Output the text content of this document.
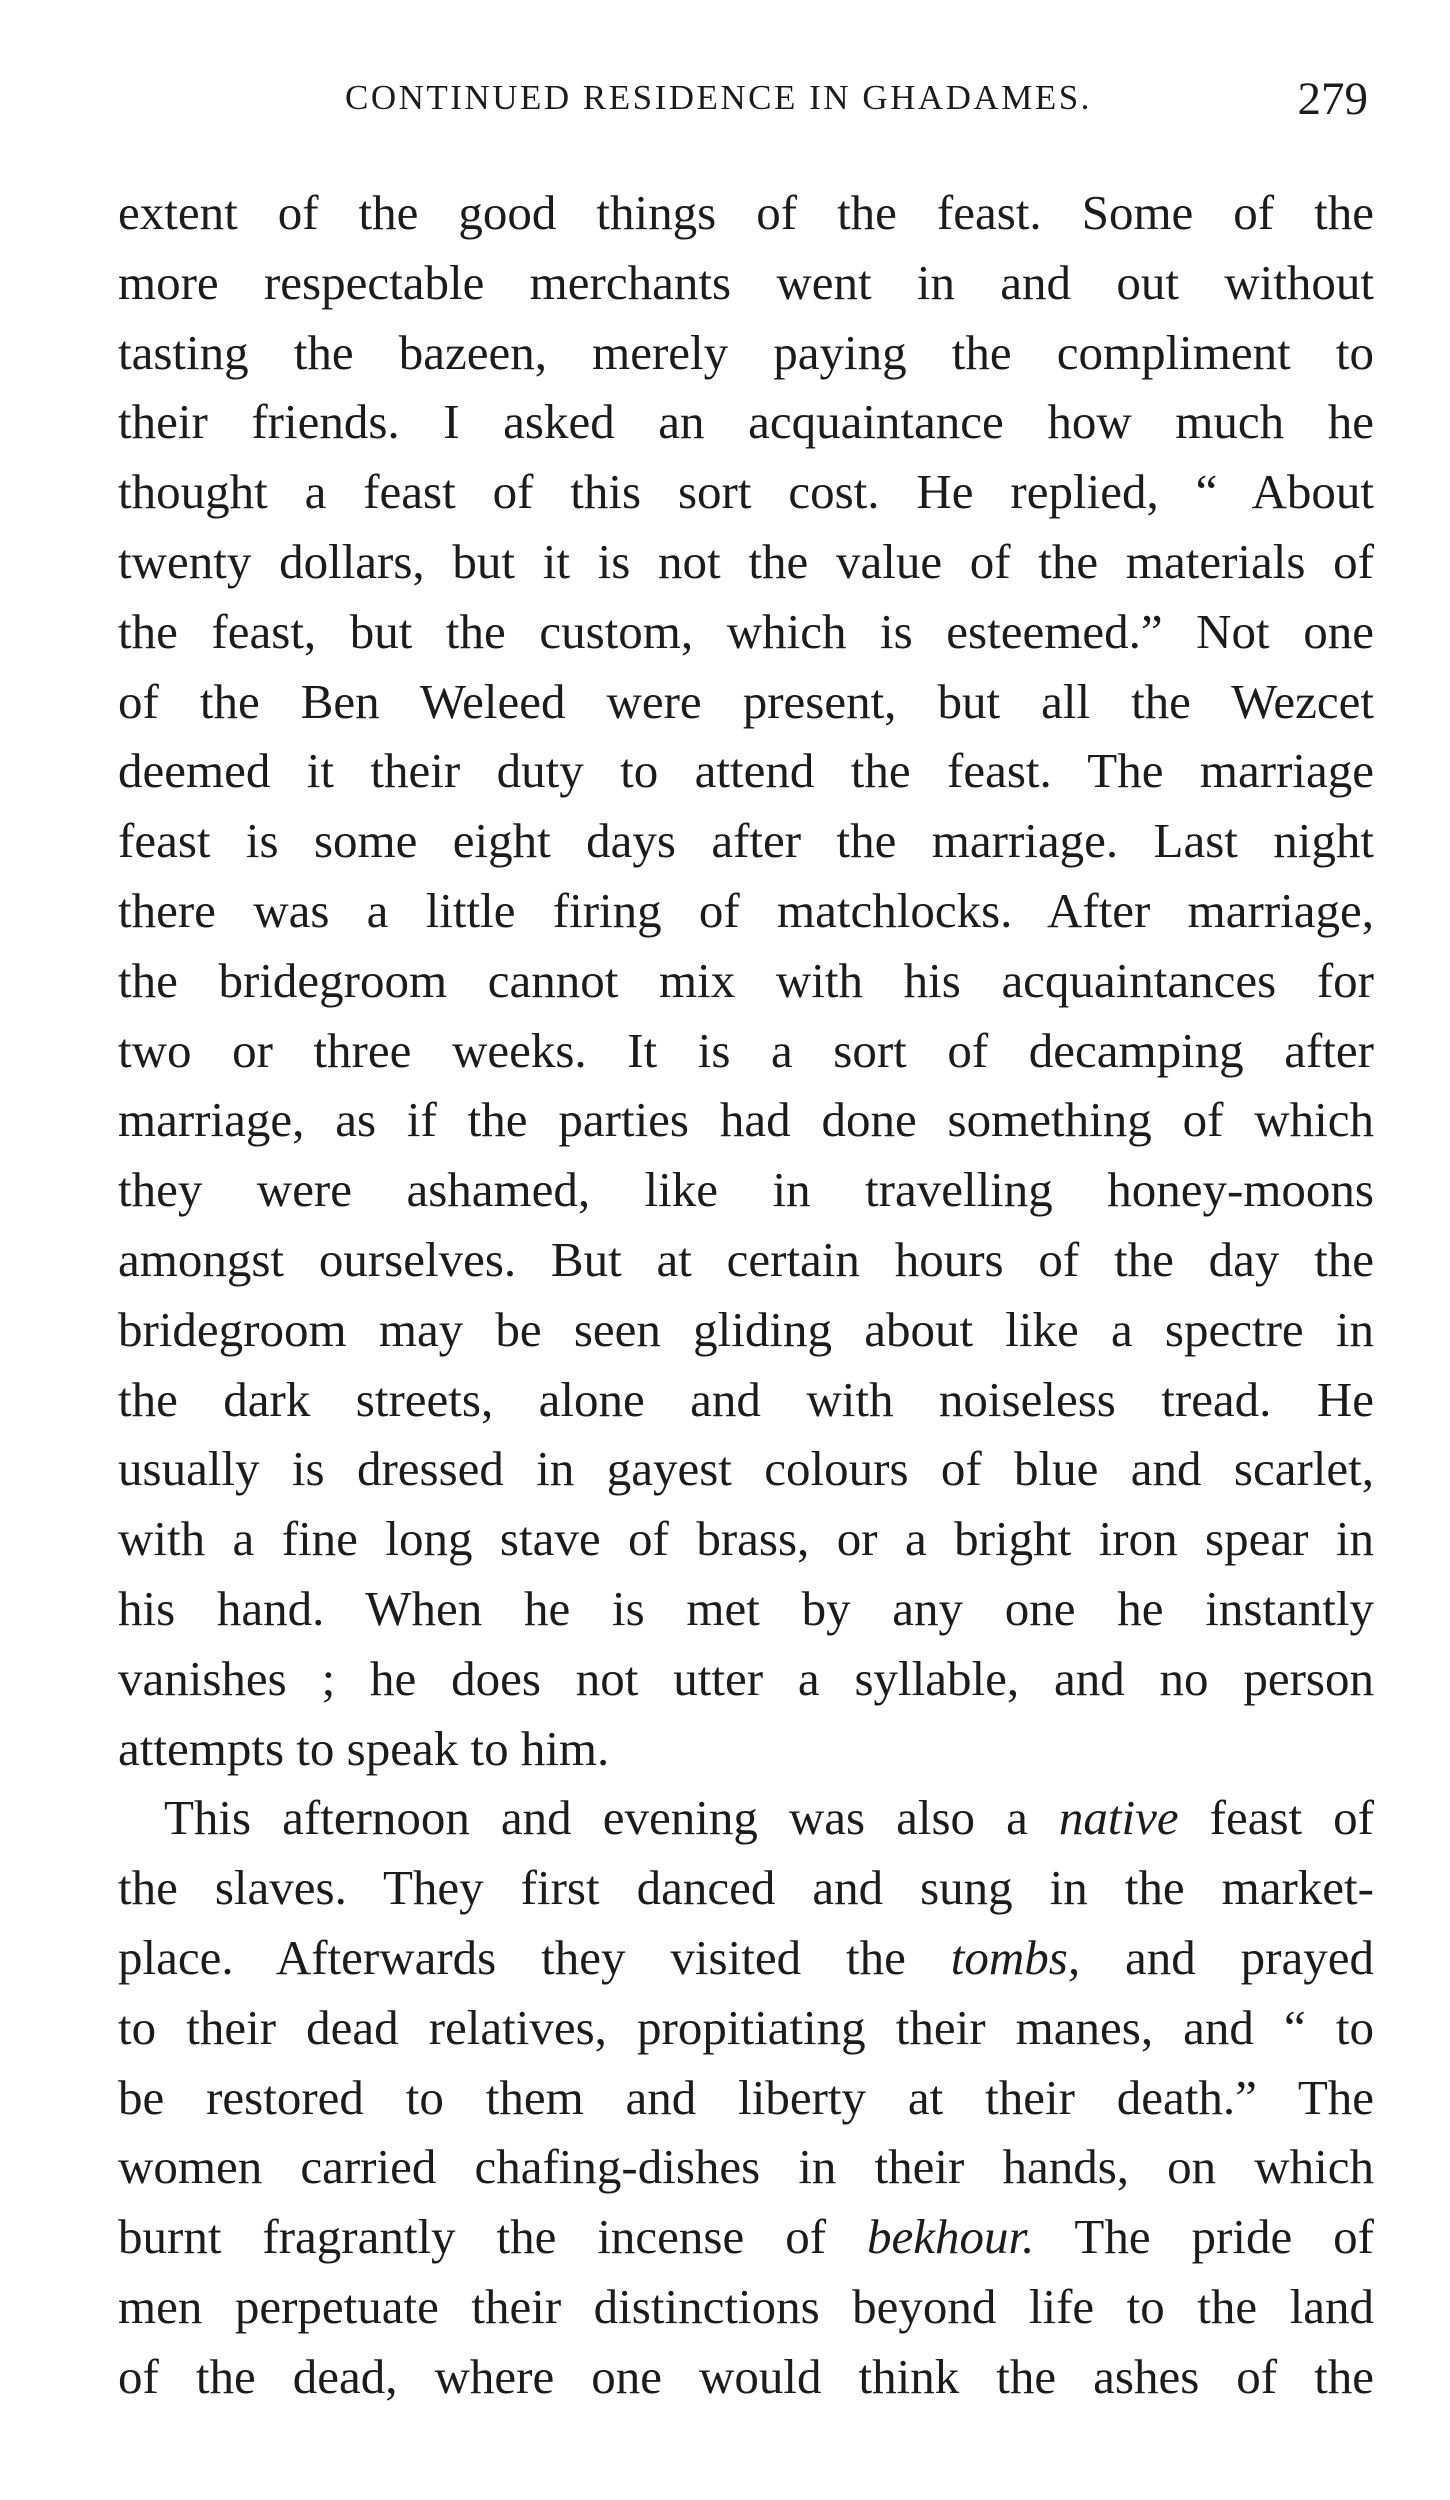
CONTINUED RESIDENCE IN GHADAMES.	279
extent of the good things of the feast. Some of the
more respectable merchants went in and out without
tasting the bazeen, merely paying the compliment to
their friends. I asked an acquaintance how much he
thought a feast of this sort cost. He replied, “ About
twenty dollars, but it is not the value of the materials of
the feast, but the custom, which is esteemed.” Not one
of the Ben Weleed were present, but all the Wezcet
deemed it their duty to attend the feast. The marriage
feast is some eight days after the marriage. Last night
there was a little firing of matchlocks. After marriage,
the bridegroom cannot mix with his acquaintances for
two or three weeks. It is a sort of decamping after
marriage, as if the parties had done something of which
they were ashamed, like in travelling honey-moons
amongst ourselves. But at certain hours of the day the
bridegroom may be seen gliding about like a spectre in
the dark streets, alone and with noiseless tread. He
usually is dressed in gayest colours of blue and scarlet,
with a fine long stave of brass, or a bright iron spear in
his hand. When he is met by any one he instantly
vanishes ; he does not utter a syllable, and no person
attempts to speak to him.
This afternoon and evening was also a native feast of
the slaves. They first danced and sung in the market-
place. Afterwards they visited the tombs, and prayed
to their dead relatives, propitiating their manes, and “ to
be restored to them and liberty at their death.” The
women carried chafing-dishes in their hands, on which
burnt fragrantly the incense of bekhour. The pride of
men perpetuate their distinctions beyond life to the land
of the dead, where one would think the ashes of the
